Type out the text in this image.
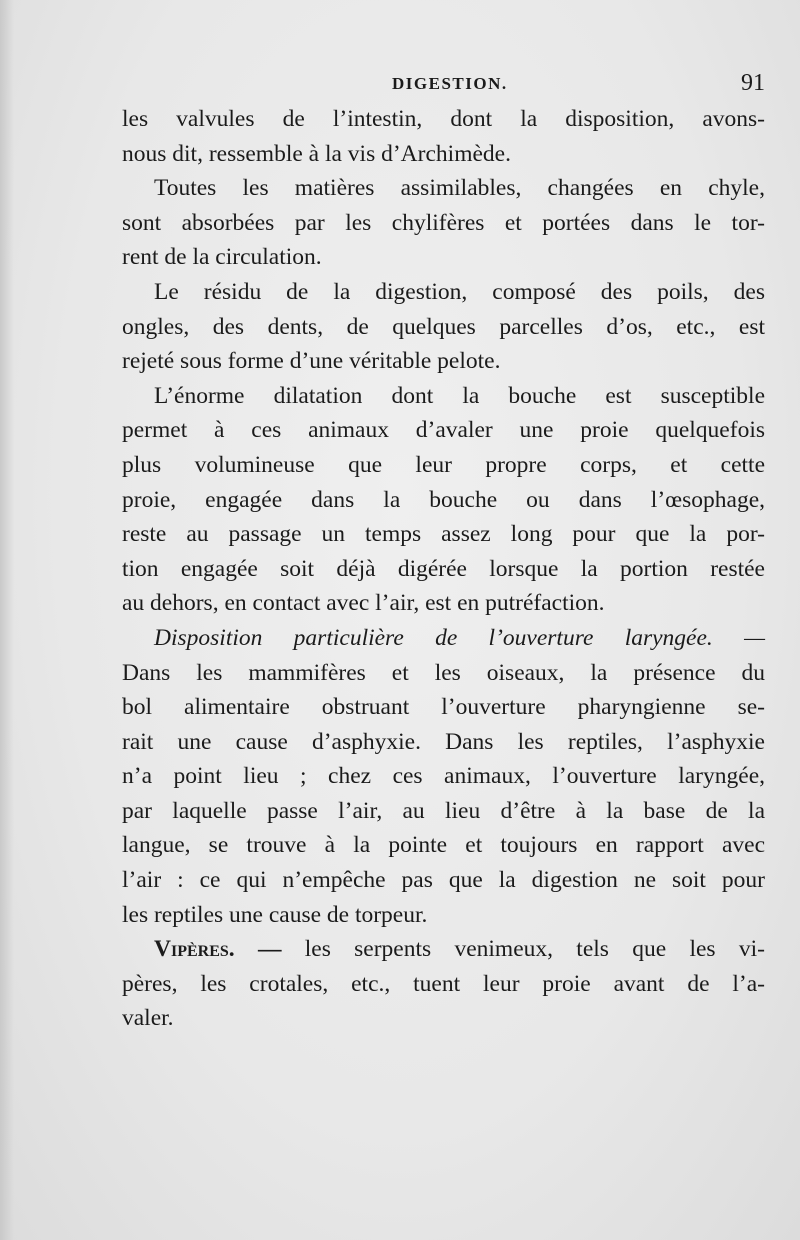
DIGESTION.	91
les valvules de l’intestin, dont la disposition, avons-
nous dit, ressemble à la vis d’Archimède.
Toutes les matières assimilables, changées en chyle,
sont absorbées par les chylifères et portées dans le tor-
rent de la circulation.
Le résidu de la digestion, composé des poils, des
ongles, des dents, de quelques parcelles d’os, etc., est
rejeté sous forme d’une véritable pelote.
L’énorme dilatation dont la bouche est susceptible
permet à ces animaux d’avaler une proie quelquefois
plus volumineuse que leur propre corps, et cette
proie, engagée dans la bouche ou dans l’œsophage,
reste au passage un temps assez long pour que la por-
tion engagée soit déjà digérée lorsque la portion restée
au dehors, en contact avec l’air, est en putréfaction.
Disposition particulière de l’ouverture laryngée. —
Dans les mammifères et les oiseaux, la présence du
bol alimentaire obstruant l’ouverture pharyngienne se-
rait une cause d’asphyxie. Dans les reptiles, l’asphyxie
n’a point lieu ; chez ces animaux, l’ouverture laryngée,
par laquelle passe l’air, au lieu d’être à la base de la
langue, se trouve à la pointe et toujours en rapport avec
l’air : ce qui n’empêche pas que la digestion ne soit pour
les reptiles une cause de torpeur.
Vipères. — les serpents venimeux, tels que les vi-
pères, les crotales, etc., tuent leur proie avant de l’a-
valer.
